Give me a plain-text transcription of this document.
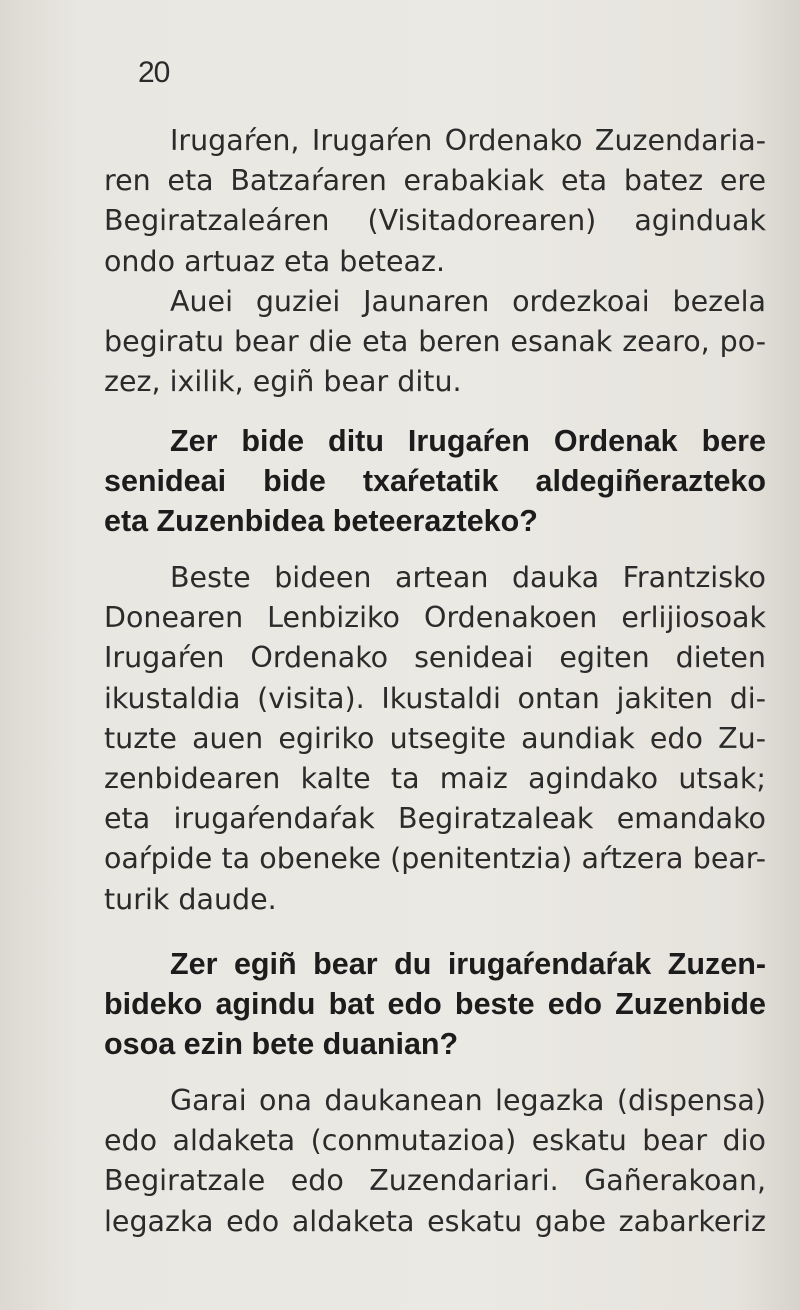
20
Irugaŕen, Irugaŕen Ordenako Zuzendaria-
ren eta Batzaŕaren erabakiak eta batez ere
Begiratzaleáren (Visitadorearen) aginduak
ondo artuaz eta beteaz.
Auei guziei Jaunaren ordezkoai bezela
begiratu bear die eta beren esanak zearo, po-
zez, ixilik, egiñ bear ditu.
Zer bide ditu Irugaŕen Ordenak bere
senideai bide txaŕetatik aldegiñerazteko
eta Zuzenbidea beteerazteko?
Beste bideen artean dauka Frantzisko
Donearen Lenbiziko Ordenakoen erlijiosoak
Irugaŕen Ordenako senideai egiten dieten
ikustaldia (visita). Ikustaldi ontan jakiten di-
tuzte auen egiriko utsegite aundiak edo Zu-
zenbidearen kalte ta maiz agindako utsak;
eta irugaŕendaŕak Begiratzaleak emandako
oaŕpide ta obeneke (penitentzia) aŕtzera bear-
turik daude.
Zer egiñ bear du irugaŕendaŕak Zuzen-
bideko agindu bat edo beste edo Zuzenbide
osoa ezin bete duanian?
Garai ona daukanean legazka (dispensa)
edo aldaketa (conmutazioa) eskatu bear dio
Begiratzale edo Zuzendariari. Gañerakoan,
legazka edo aldaketa eskatu gabe zabarkeriz
